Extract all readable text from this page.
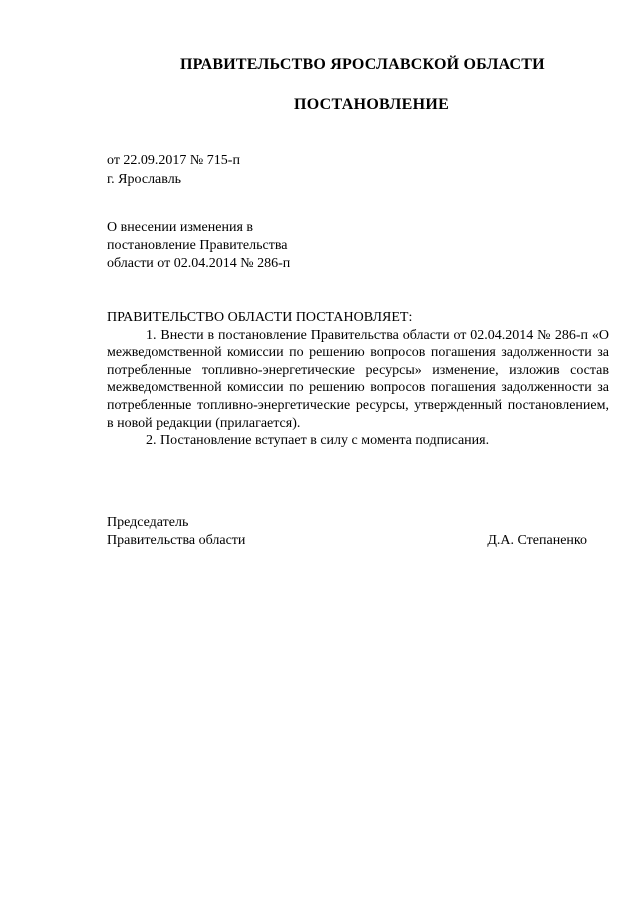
ПРАВИТЕЛЬСТВО ЯРОСЛАВСКОЙ ОБЛАСТИ
ПОСТАНОВЛЕНИЕ
от 22.09.2017 № 715-п
г. Ярославль
О внесении изменения в
постановление Правительства
области от 02.04.2014 № 286-п

ПРАВИТЕЛЬСТВО ОБЛАСТИ ПОСТАНОВЛЯЕТ:

1. Внести в постановление Правительства области от 02.04.2014 № 286-п «О межведомственной комиссии по решению вопросов погашения задолженности за потребленные топливно-энергетические ресурсы» изменение, изложив состав межведомственной комиссии по решению вопросов погашения задолженности за потребленные топливно-энергетические ресурсы, утвержденный постановлением, в новой редакции (прилагается).

2. Постановление вступает в силу с момента подписания.

Председатель
Правительства области	Д.А. Степаненко
